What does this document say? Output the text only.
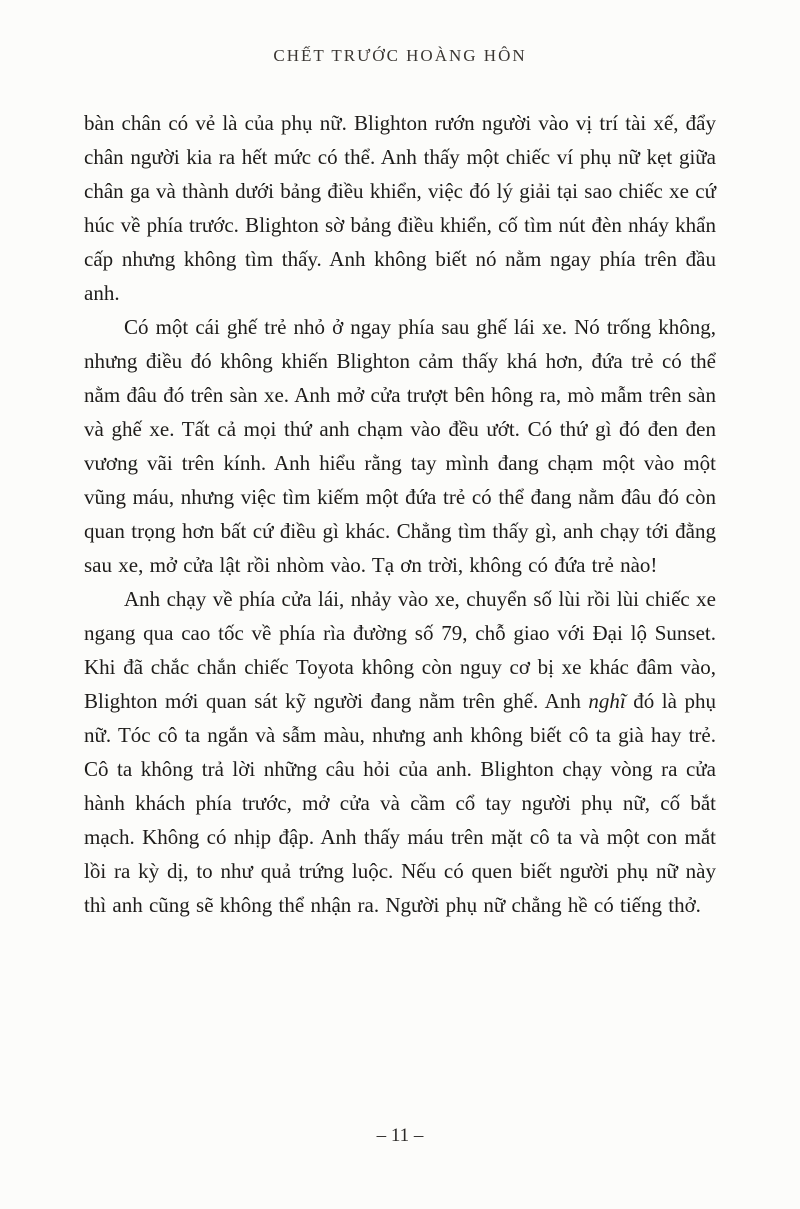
CHẾT TRƯỚC HOÀNG HÔN

bàn chân có vẻ là của phụ nữ. Blighton rướn người vào vị trí tài xế, đẩy chân người kia ra hết mức có thể. Anh thấy một chiếc ví phụ nữ kẹt giữa chân ga và thành dưới bảng điều khiển, việc đó lý giải tại sao chiếc xe cứ húc về phía trước. Blighton sờ bảng điều khiển, cố tìm nút đèn nháy khẩn cấp nhưng không tìm thấy. Anh không biết nó nằm ngay phía trên đầu anh.

Có một cái ghế trẻ nhỏ ở ngay phía sau ghế lái xe. Nó trống không, nhưng điều đó không khiến Blighton cảm thấy khá hơn, đứa trẻ có thể nằm đâu đó trên sàn xe. Anh mở cửa trượt bên hông ra, mò mẫm trên sàn và ghế xe. Tất cả mọi thứ anh chạm vào đều ướt. Có thứ gì đó đen đen vương vãi trên kính. Anh hiểu rằng tay mình đang chạm một vào một vũng máu, nhưng việc tìm kiếm một đứa trẻ có thể đang nằm đâu đó còn quan trọng hơn bất cứ điều gì khác. Chẳng tìm thấy gì, anh chạy tới đằng sau xe, mở cửa lật rồi nhòm vào. Tạ ơn trời, không có đứa trẻ nào!

Anh chạy về phía cửa lái, nhảy vào xe, chuyển số lùi rồi lùi chiếc xe ngang qua cao tốc về phía rìa đường số 79, chỗ giao với Đại lộ Sunset. Khi đã chắc chắn chiếc Toyota không còn nguy cơ bị xe khác đâm vào, Blighton mới quan sát kỹ người đang nằm trên ghế. Anh nghĩ đó là phụ nữ. Tóc cô ta ngắn và sẫm màu, nhưng anh không biết cô ta già hay trẻ. Cô ta không trả lời những câu hỏi của anh. Blighton chạy vòng ra cửa hành khách phía trước, mở cửa và cầm cổ tay người phụ nữ, cố bắt mạch. Không có nhịp đập. Anh thấy máu trên mặt cô ta và một con mắt lồi ra kỳ dị, to như quả trứng luộc. Nếu có quen biết người phụ nữ này thì anh cũng sẽ không thể nhận ra. Người phụ nữ chẳng hề có tiếng thở.

– 11 –
